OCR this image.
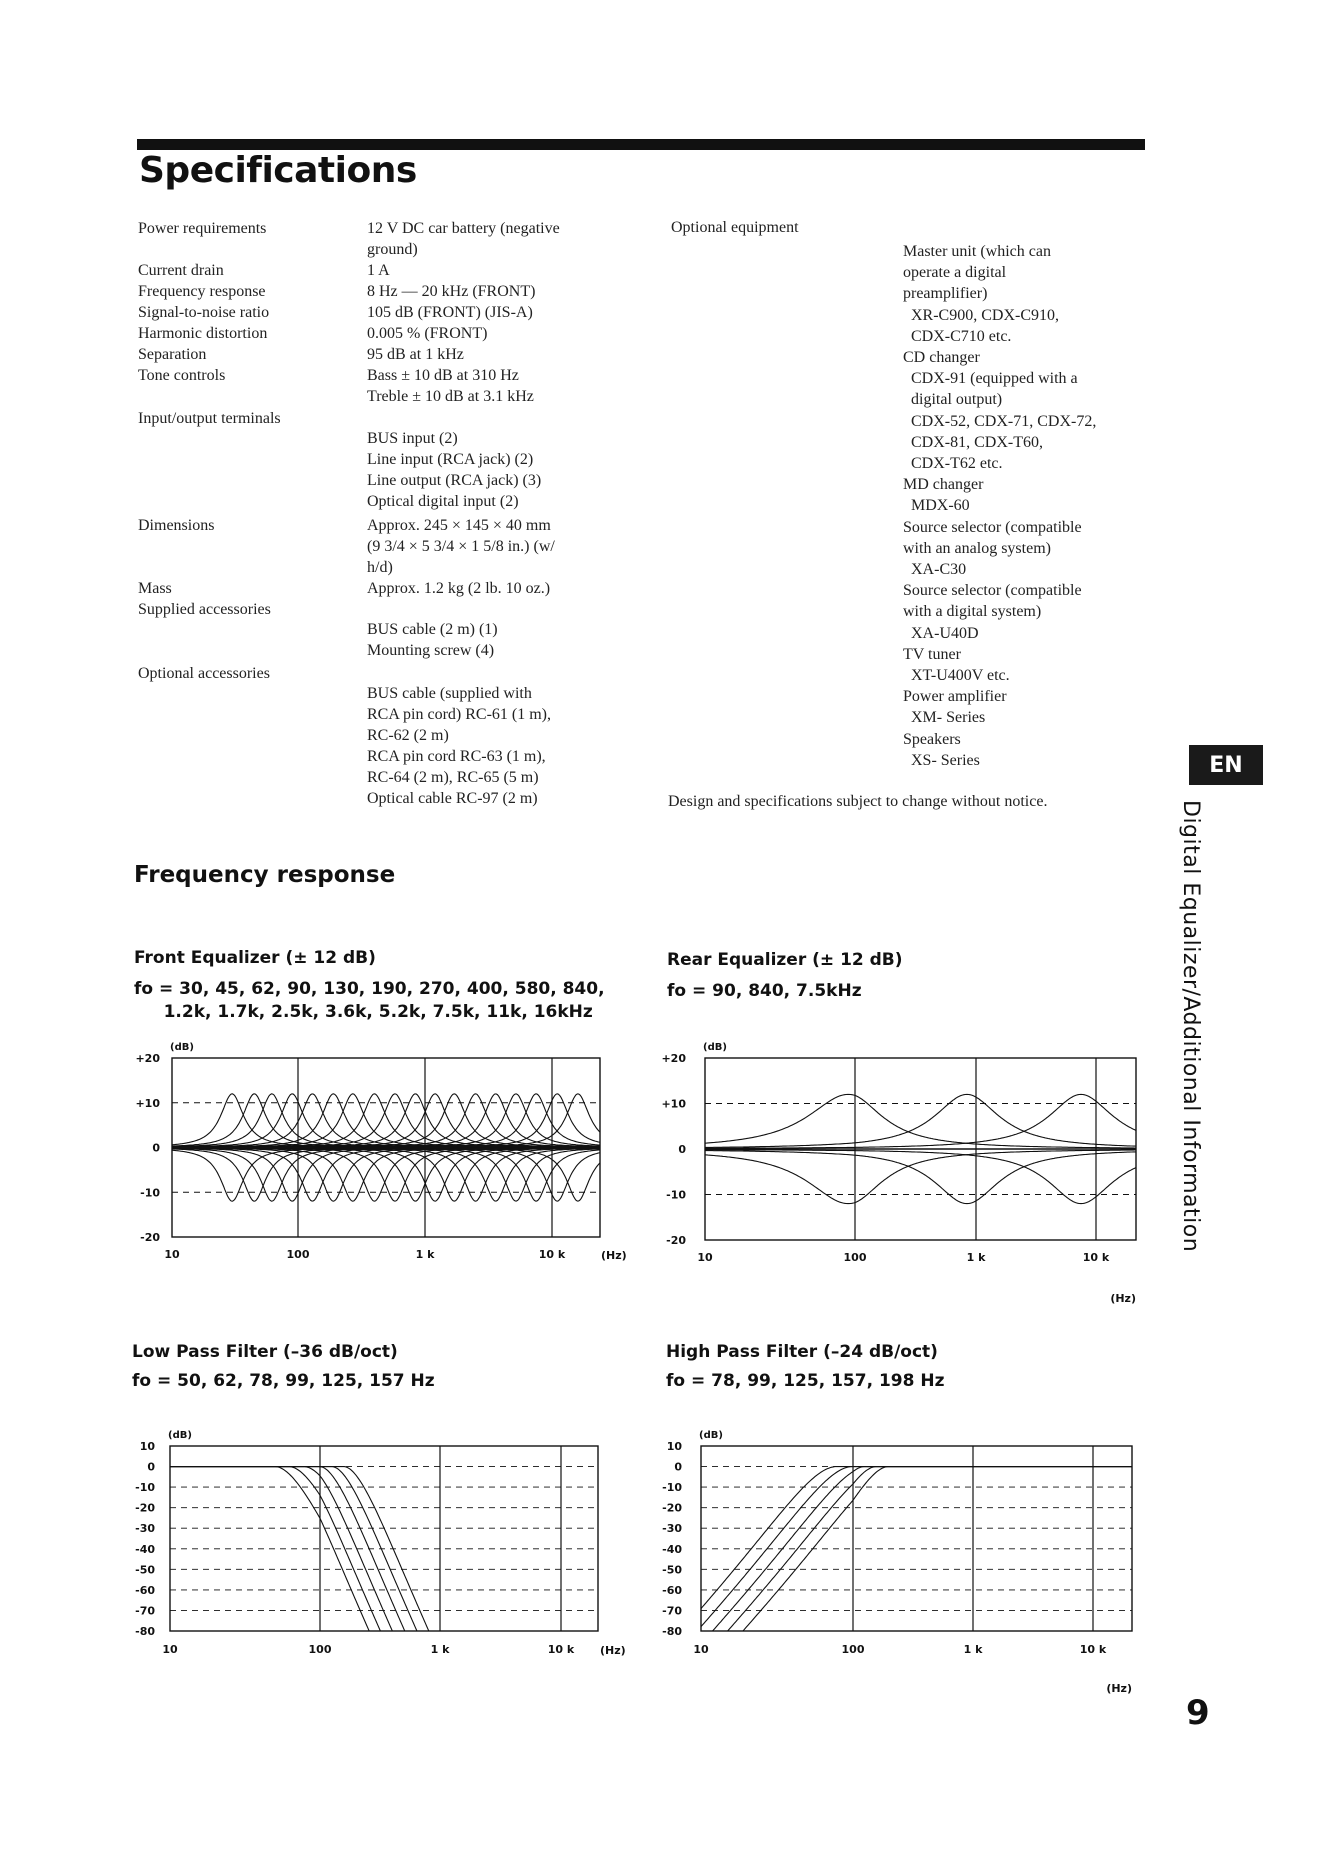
Specifications
Power requirements	12 V DC car battery (negative
ground)
Current drain	1 A
Frequency response	8 Hz — 20 kHz (FRONT)
Signal-to-noise ratio	105 dB (FRONT) (JIS-A)
Harmonic distortion	0.005 % (FRONT)
Separation	95 dB at 1 kHz
Tone controls	Bass ± 10 dB at 310 Hz
Treble ± 10 dB at 3.1 kHz
Input/output terminals
BUS input (2)
Line input (RCA jack) (2)
Line output (RCA jack) (3)
Optical digital input (2)
Dimensions	Approx. 245 × 145 × 40 mm
(9 3/4 × 5 3/4 × 1 5/8 in.) (w/
h/d)
Mass	Approx. 1.2 kg (2 lb. 10 oz.)
Supplied accessories
BUS cable (2 m) (1)
Mounting screw (4)
Optional accessories
BUS cable (supplied with
RCA pin cord) RC-61 (1 m),
RC-62 (2 m)
RCA pin cord RC-63 (1 m),
RC-64 (2 m), RC-65 (5 m)
Optical cable RC-97 (2 m)
Optional equipment
Master unit (which can
operate a digital
preamplifier)
XR-C900, CDX-C910,
CDX-C710 etc.
CD changer
CDX-91 (equipped with a
digital output)
CDX-52, CDX-71, CDX-72,
CDX-81, CDX-T60,
CDX-T62 etc.
MD changer
MDX-60
Source selector (compatible
with an analog system)
XA-C30
Source selector (compatible
with a digital system)
XA-U40D
TV tuner
XT-U400V etc.
Power amplifier
XM- Series
Speakers
XS- Series
Design and specifications subject to change without notice.
Frequency response
Front Equalizer (± 12 dB)
fo = 30, 45, 62, 90, 130, 190, 270, 400, 580, 840,
1.2k, 1.7k, 2.5k, 3.6k, 5.2k, 7.5k, 11k, 16kHz
Rear Equalizer (± 12 dB)
fo = 90, 840, 7.5kHz
Low Pass Filter (–36 dB/oct)
fo = 50, 62, 78, 99, 125, 157 Hz
High Pass Filter (–24 dB/oct)
fo = 78, 99, 125, 157, 198 Hz
+20
+10
0
-10
-20
(dB)
10	100	1 k	10 k	(Hz)
+20
+10
0
-10
-20
(dB)
10	100	1 k	10 k
(Hz)
10
0
-10
-20
-30
-40
-50
-60
-70
-80
(dB)
10	100	1 k	10 k (Hz)
10
0
-10
-20
-30
-40
-50
-60
-70
-80
(dB)
10	100	1 k	10 k
(Hz)
EN
Digital Equalizer/Additional Information
9
